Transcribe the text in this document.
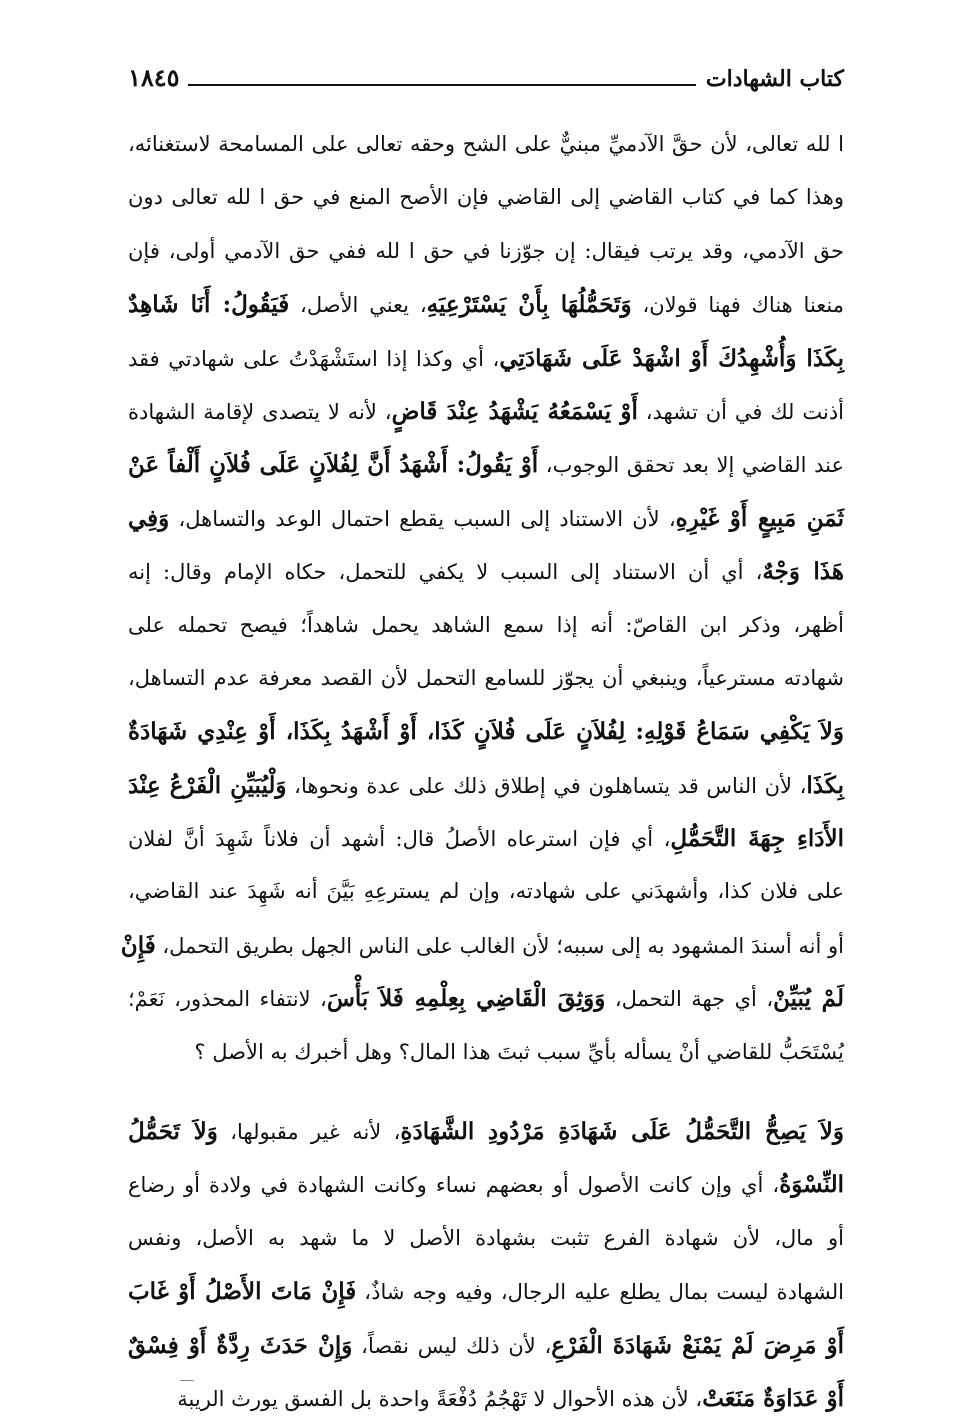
كتاب الشهادات
١٨٤٥
ا لله تعالى، لأن حقَّ الآدميِّ مبنيٌّ على الشح وحقه تعالى على المسامحة لاستغنائه،
وهذا كما في كتاب القاضي إلى القاضي فإن الأصح المنع في حق ا لله تعالى دون
حق الآدمي، وقد يرتب فيقال: إن جوّزنا في حق ا لله ففي حق الآدمي أولى، فإن
منعنا هناك فهنا قولان، وَتَحَمُّلُهَا بِأَنْ يَسْتَرْعِيَهِ، يعني الأصل، فَيَقُولُ: أَنَا شَاهِدٌ
بِكَذَا وَأُشْهِدُكَ أَوْ اشْهَدْ عَلَى شَهَادَتِي، أي وكذا إذا استَشْهَدْتُ على شهادتي فقد
أذنت لك في أن تشهد، أَوْ يَسْمَعُهُ يَشْهَدُ عِنْدَ قَاضٍ، لأنه لا يتصدى لإقامة الشهادة
عند القاضي إلا بعد تحقق الوجوب، أَوْ يَقُولُ: أَشْهَدُ أَنَّ لِفُلاَنٍ عَلَى فُلاَنٍ أَلْفاً عَنْ
ثَمَنِ مَبِيعٍ أَوْ غَيْرِهِ، لأن الاستناد إلى السبب يقطع احتمال الوعد والتساهل، وَفِي
هَذَا وَجْهٌ، أي أن الاستناد إلى السبب لا يكفي للتحمل، حكاه الإمام وقال: إنه
أظهر، وذكر ابن القاصّ: أنه إذا سمع الشاهد يحمل شاهداً؛ فيصح تحمله على
شهادته مسترعياً، وينبغي أن يجوّز للسامع التحمل لأن القصد معرفة عدم التساهل،
وَلاَ يَكْفِي سَمَاعُ قَوْلِهِ: لِفُلاَنٍ عَلَى فُلاَنٍ كَذَا، أَوْ أَشْهَدُ بِكَذَا، أَوْ عِنْدِي شَهَادَةٌ
بِكَذَا، لأن الناس قد يتساهلون في إطلاق ذلك على عدة ونحوها، وَلْيُبَيِّنِ الْفَرْعُ عِنْدَ
الأَدَاءِ جِهَةَ التَّحَمُّلِ، أي فإن استرعاه الأصلُ قال: أشهد أن فلاناً شَهِدَ أنَّ لفلان
على فلان كذا، وأشهدَني على شهادته، وإن لم يسترعِهِ بَيَّنَ أنه شَهِدَ عند القاضي،
أو أنه أسندَ المشهود به إلى سببه؛ لأن الغالب على الناس الجهل بطريق التحمل، فَإِنْ
لَمْ يُبَيِّنْ، أي جهة التحمل، وَوَثِقَ الْقَاضِي بِعِلْمِهِ فَلاَ بَأْسَ، لانتفاء المحذور، نَعَمْ؛
يُسْتَحَبُّ للقاضي أنْ يسأله بأيِّ سبب ثبتَ هذا المال؟ وهل أخبرك به الأصل ؟
وَلاَ يَصِحُّ التَّحَمُّلُ عَلَى شَهَادَةِ مَرْدُودِ الشَّهَادَةِ، لأنه غير مقبولها، وَلاَ تَحَمُّلُ
النِّسْوَةُ، أي وإن كانت الأصول أو بعضهم نساء وكانت الشهادة في ولادة أو رضاع
أو مال، لأن شهادة الفرع تثبت بشهادة الأصل لا ما شهد به الأصل، ونفس
الشهادة ليست بمال يطلع عليه الرجال، وفيه وجه شاذٌ، فَإِنْ مَاتَ الأَصْلُ أَوْ غَابَ
أَوْ مَرِضَ لَمْ يَمْنَعْ شَهَادَةَ الْفَرْعِ، لأن ذلك ليس نقصاً، وَإِنْ حَدَثَ رِدَّةٌ أَوْ فِسْقٌ
أَوْ عَدَاوَةٌ مَنَعَتْ، لأن هذه الأحوال لا تَهْجُمُ دُفْعَةً واحدة بل الفسق يورث الريبة
